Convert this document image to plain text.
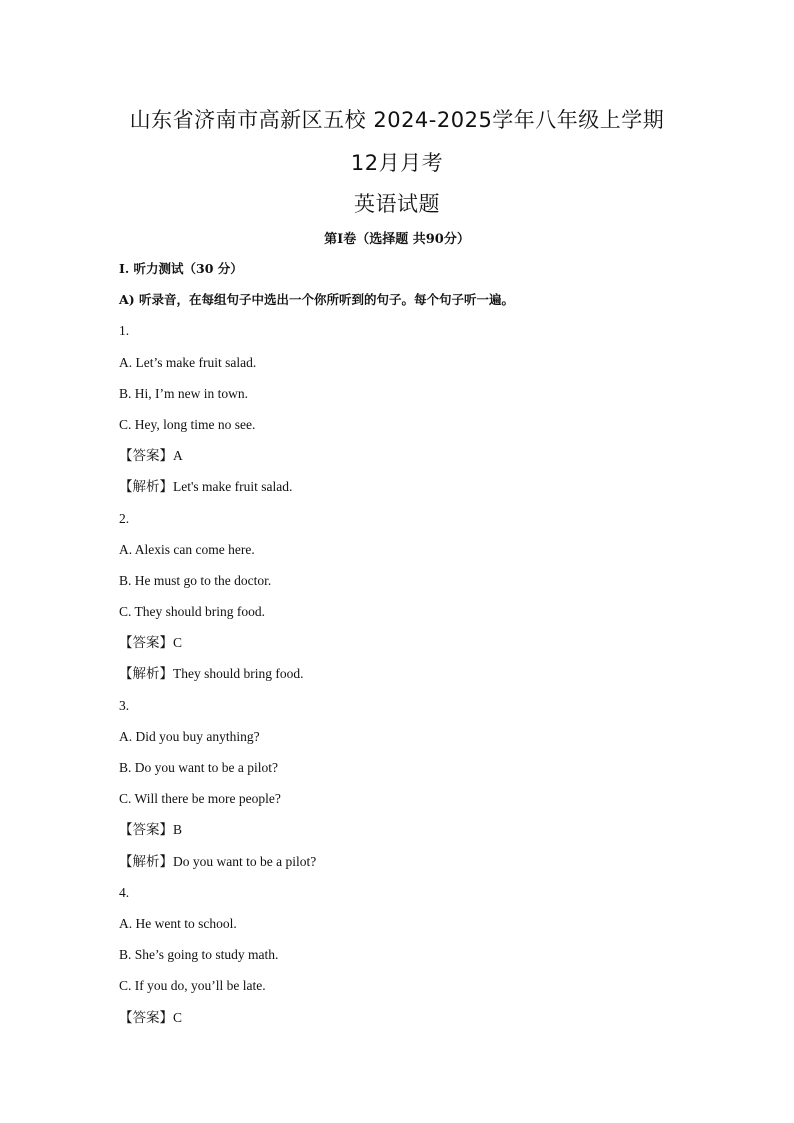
山东省济南市高新区五校 2024-2025学年八年级上学期
12月月考
英语试题
第Ⅰ卷（选择题 共90分）
I. 听力测试（30 分）
A) 听录音，在每组句子中选出一个你所听到的句子。每个句子听一遍。
1.
A. Let’s make fruit salad.
B. Hi, I’m new in town.
C. Hey, long time no see.
【答案】A
【解析】Let's make fruit salad.
2.
A. Alexis can come here.
B. He must go to the doctor.
C. They should bring food.
【答案】C
【解析】They should bring food.
3.
A. Did you buy anything?
B. Do you want to be a pilot?
C. Will there be more people?
【答案】B
【解析】Do you want to be a pilot?
4.
A. He went to school.
B. She’s going to study math.
C. If you do, you’ll be late.
【答案】C
